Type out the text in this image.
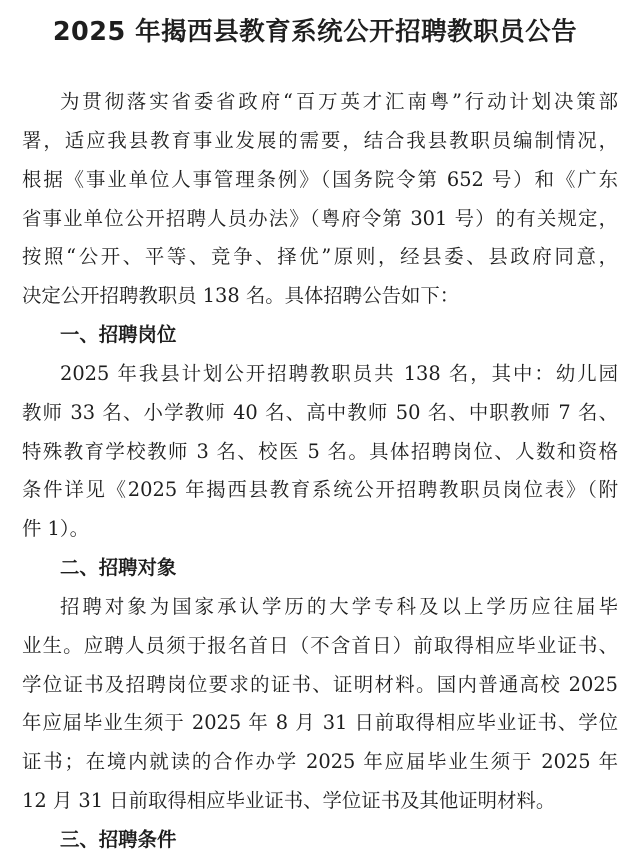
2025 年揭西县教育系统公开招聘教职员公告
为贯彻落实省委省政府“百万英才汇南粤”行动计划决策部
署，适应我县教育事业发展的需要，结合我县教职员编制情况，
根据《事业单位人事管理条例》（国务院令第 652 号）和《广东
省事业单位公开招聘人员办法》（粤府令第 301 号）的有关规定，
按照“公开、平等、竞争、择优”原则，经县委、县政府同意，
决定公开招聘教职员 138 名。具体招聘公告如下：
一、招聘岗位
2025 年我县计划公开招聘教职员共 138 名，其中：幼儿园
教师 33 名、小学教师 40 名、高中教师 50 名、中职教师 7 名、
特殊教育学校教师 3 名、校医 5 名。具体招聘岗位、人数和资格
条件详见《2025 年揭西县教育系统公开招聘教职员岗位表》（附
件 1）。
二、招聘对象
招聘对象为国家承认学历的大学专科及以上学历应往届毕
业生。应聘人员须于报名首日（不含首日）前取得相应毕业证书、
学位证书及招聘岗位要求的证书、证明材料。国内普通高校 2025
年应届毕业生须于 2025 年 8 月 31 日前取得相应毕业证书、学位
证书；在境内就读的合作办学 2025 年应届毕业生须于 2025 年
12 月 31 日前取得相应毕业证书、学位证书及其他证明材料。
三、招聘条件
